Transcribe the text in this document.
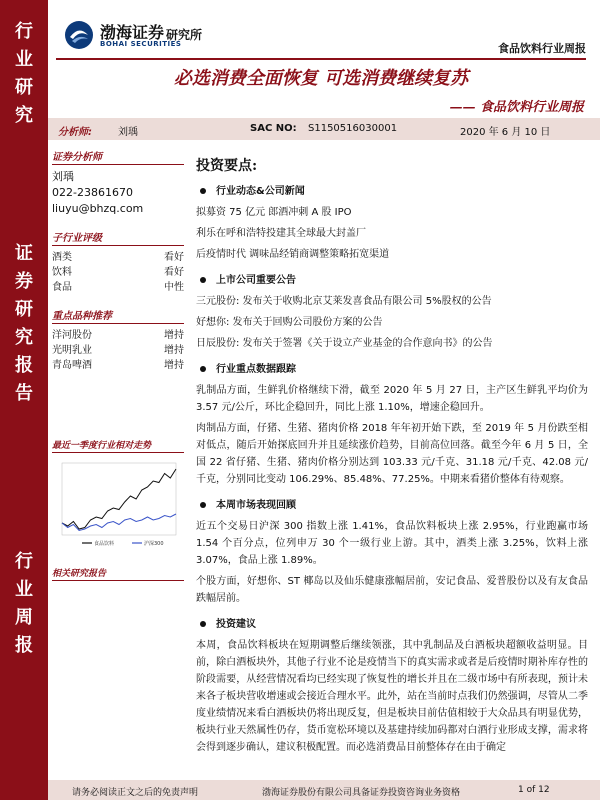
行
业
研
究
证
券
研
究
报
告
行
业
周
报
渤海证券
BOHAI SECURITIES
研究所
食品饮料行业周报
必选消费全面恢复 可选消费继续复苏
—— 食品饮料行业周报
分析师:	刘瑀	SAC NO: S1150516030001	2020 年 6 月 10 日
证券分析师
刘瑀
022-23861670
liuyu@bhzq.com
子行业评级
酒类	看好
饮料	看好
食品	中性
重点品种推荐
洋河股份	增持
光明乳业	增持
青岛啤酒	增持
最近一季度行业相对走势
食品饮料	沪深300
相关研究报告
投资要点:
行业动态&公司新闻

拟募资 75 亿元 郎酒冲刺 A 股 IPO

利乐在呼和浩特投建其全球最大封盖厂

后疫情时代 调味品经销商调整策略拓宽渠道

上市公司重要公告

三元股份: 发布关于收购北京艾莱发喜食品有限公司 5%股权的公告

好想你: 发布关于回购公司股份方案的公告

日辰股份: 发布关于签署《关于设立产业基金的合作意向书》的公告

行业重点数据跟踪

乳制品方面，生鲜乳价格继续下滑，截至 2020 年 5 月 27 日，主产区生鲜乳平均价为 3.57 元/公斤，环比企稳回升，同比上涨 1.10%，增速企稳回升。

肉制品方面，仔猪、生猪、猪肉价格 2018 年年初开始下跌，至 2019 年 5 月份跌至相对低点，随后开始探底回升并且延续涨价趋势，目前高位回落。截至今年 6 月 5 日，全国 22 省仔猪、生猪、猪肉价格分别达到 103.33 元/千克、31.18 元/千克、42.08 元/千克，分别同比变动 106.29%、85.48%、77.25%。中期来看猪价整体有待观察。

本周市场表现回顾

近五个交易日沪深 300 指数上涨 1.41%，食品饮料板块上涨 2.95%，行业跑赢市场 1.54 个百分点，位列申万 30 个一级行业上游。其中，酒类上涨 3.25%，饮料上涨 3.07%，食品上涨 1.89%。

个股方面，好想你、ST 椰岛以及仙乐健康涨幅居前，安记食品、爱普股份以及有友食品跌幅居前。

投资建议

本周，食品饮料板块在短期调整后继续领涨，其中乳制品及白酒板块超额收益明显。目前，除白酒板块外，其他子行业不论是疫情当下的真实需求或者是后疫情时期补库存性的阶段需要，从经营情况看均已经实现了恢复性的增长并且在二级市场中有所表现，预计未来各子板块营收增速或会接近合理水平。此外，站在当前时点我们仍然强调，尽管从二季度业绩情况来看白酒板块仍将出现反复，但是板块目前估值相较于大众品具有明显优势，板块行业天然属性仍存，货币宽松环境以及基建持续加码都对白酒行业形成支撑，需求将会得到逐步确认，建议积极配置。而必选消费品目前整体存在由于确定

请务必阅读正文之后的免责声明	渤海证券股份有限公司具备证券投资咨询业务资格	1 of 12
